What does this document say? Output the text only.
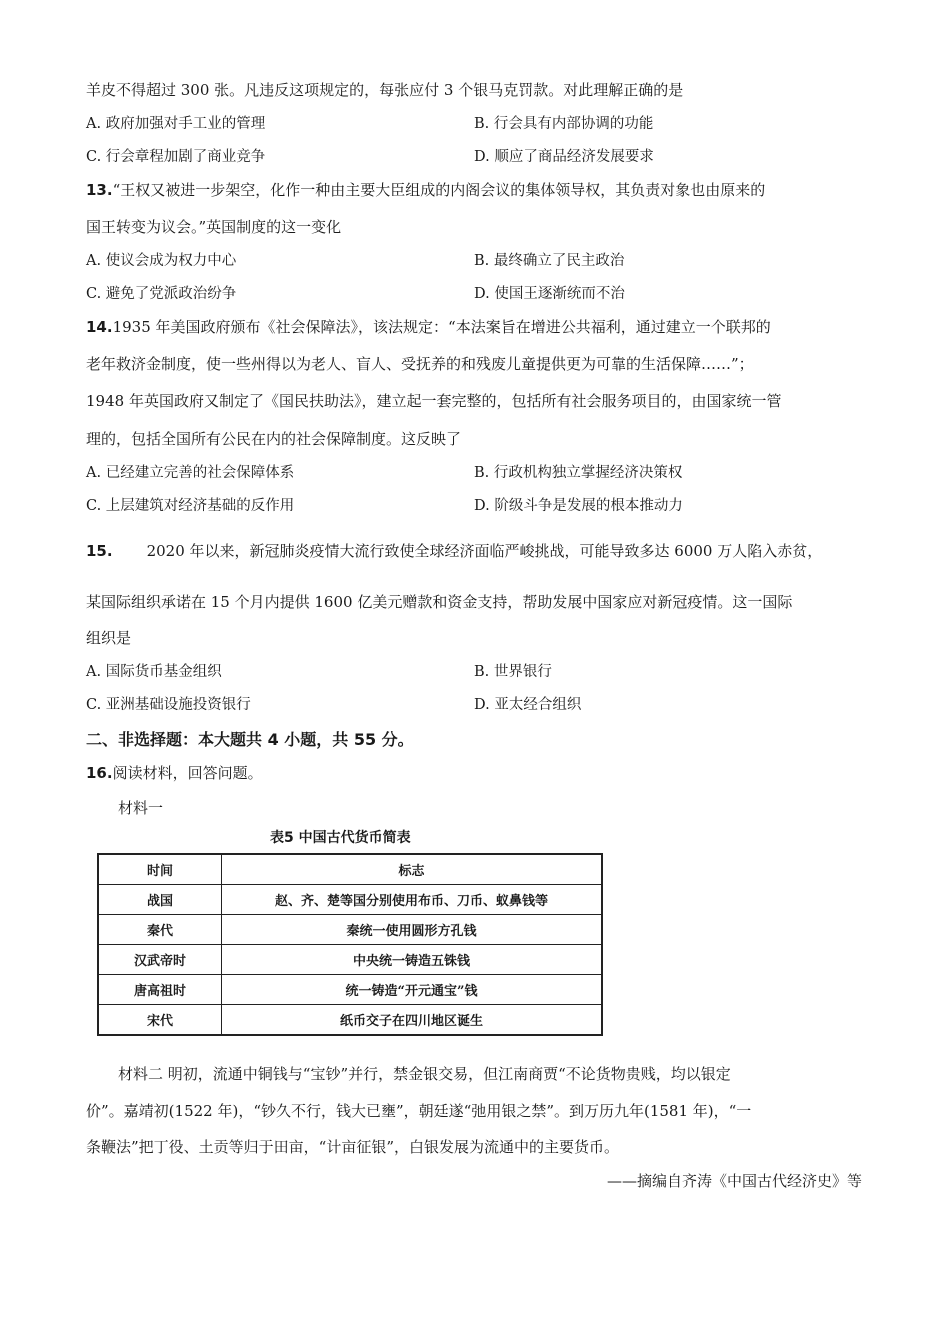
羊皮不得超过 300 张。凡违反这项规定的，每张应付 3 个银马克罚款。对此理解正确的是
A. 政府加强对手工业的管理	B. 行会具有内部协调的功能
C. 行会章程加剧了商业竞争	D. 顺应了商品经济发展要求
13.“王权又被进一步架空，化作一种由主要大臣组成的内阁会议的集体领导权，其负责对象也由原来的
国王转变为议会。”英国制度的这一变化
A. 使议会成为权力中心	B. 最终确立了民主政治
C. 避免了党派政治纷争	D. 使国王逐渐统而不治
14.1935 年美国政府颁布《社会保障法》，该法规定：“本法案旨在增进公共福利，通过建立一个联邦的
老年救济金制度，使一些州得以为老人、盲人、受抚养的和残废儿童提供更为可靠的生活保障……”；
1948 年英国政府又制定了《国民扶助法》，建立起一套完整的，包括所有社会服务项目的，由国家统一管
理的，包括全国所有公民在内的社会保障制度。这反映了
A. 已经建立完善的社会保障体系	B. 行政机构独立掌握经济决策权
C. 上层建筑对经济基础的反作用	D. 阶级斗争是发展的根本推动力
15. 2020 年以来，新冠肺炎疫情大流行致使全球经济面临严峻挑战，可能导致多达 6000 万人陷入赤贫，
某国际组织承诺在 15 个月内提供 1600 亿美元赠款和资金支持，帮助发展中国家应对新冠疫情。这一国际
组织是
A. 国际货币基金组织	B. 世界银行
C. 亚洲基础设施投资银行	D. 亚太经合组织
二、非选择题：本大题共 4 小题，共 55 分。
16.阅读材料，回答问题。
材料一
表5 中国古代货币简表
时间	标志
战国	赵、齐、楚等国分别使用布币、刀币、蚁鼻钱等
秦代	秦统一使用圆形方孔钱
汉武帝时	中央统一铸造五铢钱
唐高祖时	统一铸造“开元通宝”钱
宋代	纸币交子在四川地区诞生
材料二 明初，流通中铜钱与“宝钞”并行，禁金银交易，但江南商贾“不论货物贵贱，均以银定
价”。嘉靖初(1522 年)，“钞久不行，钱大已壅”，朝廷遂“弛用银之禁”。到万历九年(1581 年)，“一
条鞭法”把丁役、土贡等归于田亩，“计亩征银”，白银发展为流通中的主要货币。
——摘编自齐涛《中国古代经济史》等
